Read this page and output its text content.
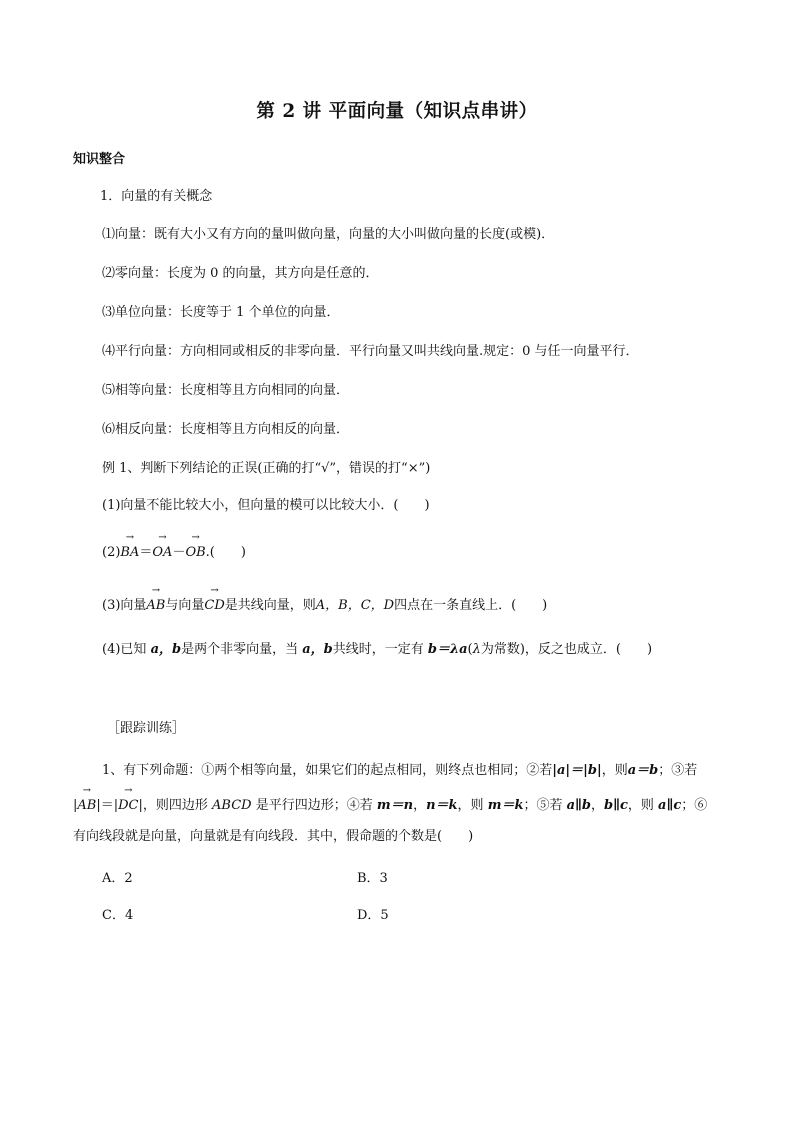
第 2 讲 平面向量（知识点串讲）
知识整合
1．向量的有关概念
⑴向量：既有大小又有方向的量叫做向量，向量的大小叫做向量的长度(或模)．
⑵零向量：长度为 0 的向量，其方向是任意的．
⑶单位向量：长度等于 1 个单位的向量．
⑷平行向量：方向相同或相反的非零向量．平行向量又叫共线向量.规定：0 与任一向量平行．
⑸相等向量：长度相等且方向相同的向量．
⑹相反向量：长度相等且方向相反的向量．
例 1、判断下列结论的正误(正确的打“√”，错误的打“×”)
(1)向量不能比较大小，但向量的模可以比较大小．(　　)
(2)→ BA＝→ OA－→ OB.(　　)
(3)向量→ AB与向量→ CD是共线向量，则A，B，C，D四点在一条直线上．(　　)
(4)已知 a，b是两个非零向量，当 a，b共线时，一定有 b＝λa(λ为常数)，反之也成立．(　　)
［跟踪训练］
1、有下列命题：①两个相等向量，如果它们的起点相同，则终点也相同；②若|a|＝|b|，则a＝b；③若
|→ AB|＝|→ DC|，则四边形 ABCD 是平行四边形；④若 m＝n，n＝k，则 m＝k；⑤若 a∥b，b∥c，则 a∥c；⑥
有向线段就是向量，向量就是有向线段．其中，假命题的个数是(　　)
A．2	B．3
C．4	D．5
